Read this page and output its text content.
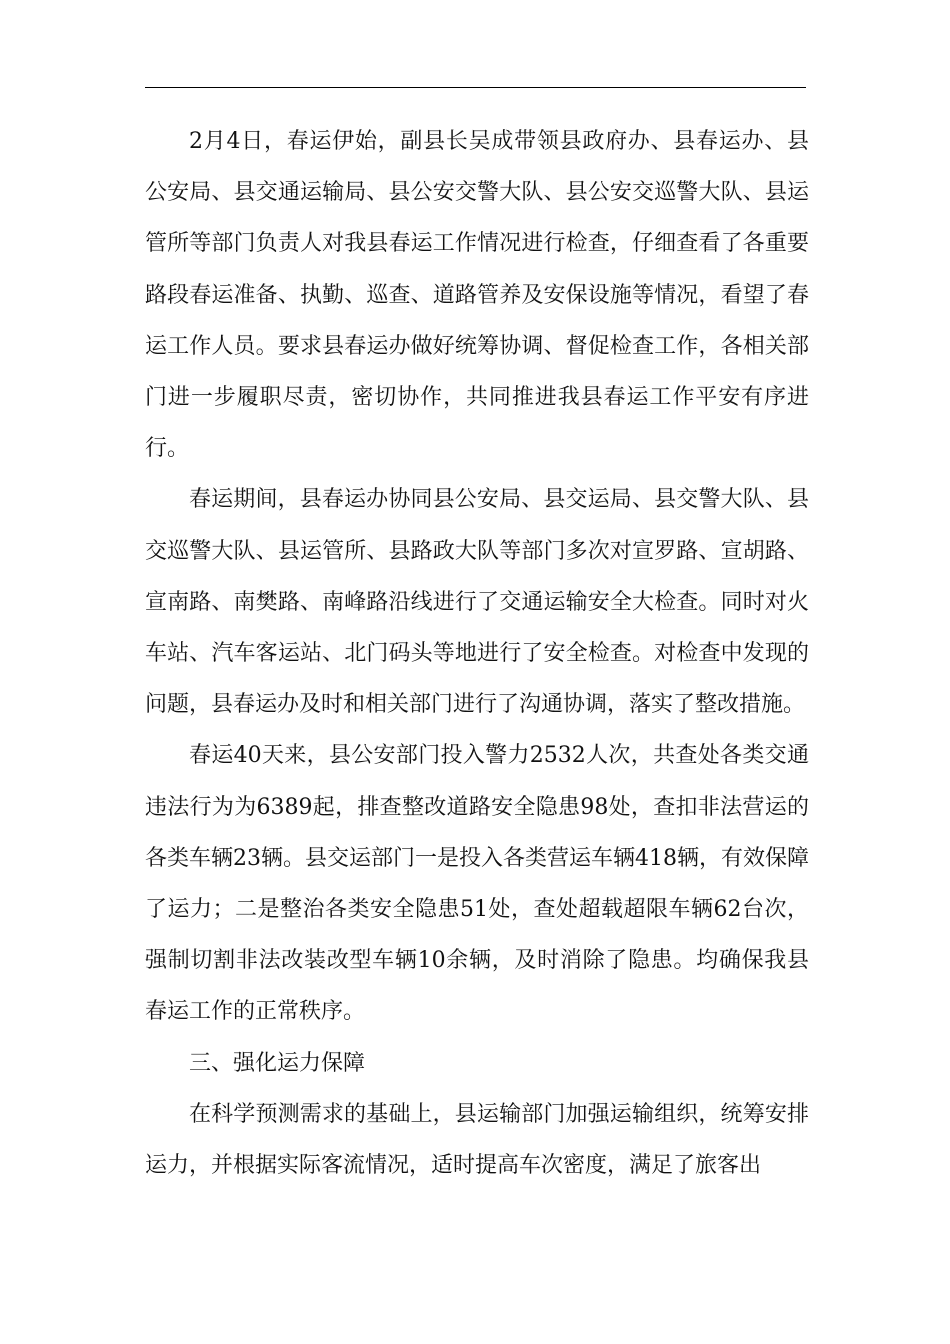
2月4日，春运伊始，副县长吴成带领县政府办、县春运办、县公安局、县交通运输局、县公安交警大队、县公安交巡警大队、县运管所等部门负责人对我县春运工作情况进行检查，仔细查看了各重要路段春运准备、执勤、巡查、道路管养及安保设施等情况，看望了春运工作人员。要求县春运办做好统筹协调、督促检查工作，各相关部门进一步履职尽责，密切协作，共同推进我县春运工作平安有序进行。

春运期间，县春运办协同县公安局、县交运局、县交警大队、县交巡警大队、县运管所、县路政大队等部门多次对宣罗路、宣胡路、宣南路、南樊路、南峰路沿线进行了交通运输安全大检查。同时对火车站、汽车客运站、北门码头等地进行了安全检查。对检查中发现的问题，县春运办及时和相关部门进行了沟通协调，落实了整改措施。

春运40天来，县公安部门投入警力2532人次，共查处各类交通违法行为为6389起，排查整改道路安全隐患98处，查扣非法营运的各类车辆23辆。县交运部门一是投入各类营运车辆418辆，有效保障了运力；二是整治各类安全隐患51处，查处超载超限车辆62台次，强制切割非法改装改型车辆10余辆，及时消除了隐患。均确保我县春运工作的正常秩序。

三、强化运力保障

在科学预测需求的基础上，县运输部门加强运输组织，统筹安排运力，并根据实际客流情况，适时提高车次密度，满足了旅客出
